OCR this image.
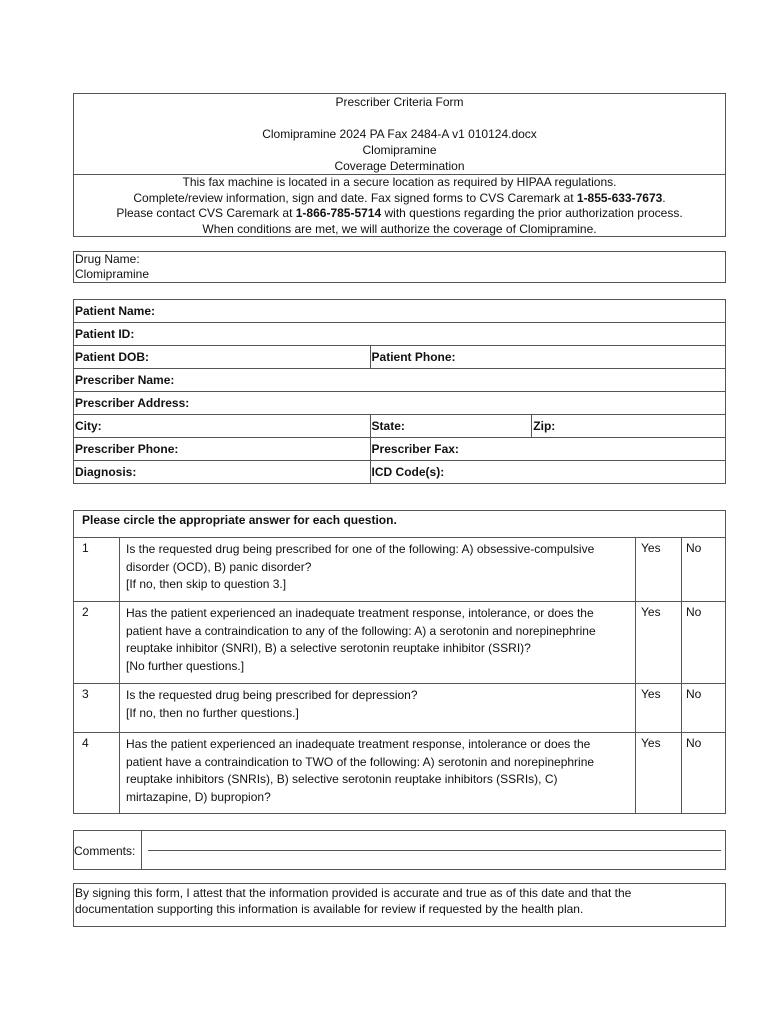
Prescriber Criteria Form
Clomipramine 2024 PA Fax 2484-A v1 010124.docx
Clomipramine
Coverage Determination
This fax machine is located in a secure location as required by HIPAA regulations.
Complete/review information, sign and date. Fax signed forms to CVS Caremark at 1-855-633-7673.
Please contact CVS Caremark at 1-866-785-5714 with questions regarding the prior authorization process.
When conditions are met, we will authorize the coverage of Clomipramine.
Drug Name:
Clomipramine
Patient Name:		
Patient ID:		
Patient DOB:	Patient Phone:	
Prescriber Name:		
Prescriber Address:		
City:	State:	Zip:
Prescriber Phone:	Prescriber Fax:	
Diagnosis:	ICD Code(s):	
Please circle the appropriate answer for each question.
1	Is the requested drug being prescribed for one of the following: A) obsessive-compulsive
disorder (OCD), B) panic disorder?
[If no, then skip to question 3.]
Yes No
2	Has the patient experienced an inadequate treatment response, intolerance, or does the
patient have a contraindication to any of the following: A) a serotonin and norepinephrine
reuptake inhibitor (SNRI), B) a selective serotonin reuptake inhibitor (SSRI)?
[No further questions.]
Yes No
3	Is the requested drug being prescribed for depression?
[If no, then no further questions.]
Yes No
4	Has the patient experienced an inadequate treatment response, intolerance or does the
patient have a contraindication to TWO of the following: A) serotonin and norepinephrine
reuptake inhibitors (SNRIs), B) selective serotonin reuptake inhibitors (SSRIs), C)
mirtazapine, D) bupropion?
Yes No
Comments:
By signing this form, I attest that the information provided is accurate and true as of this date and that the
documentation supporting this information is available for review if requested by the health plan.
